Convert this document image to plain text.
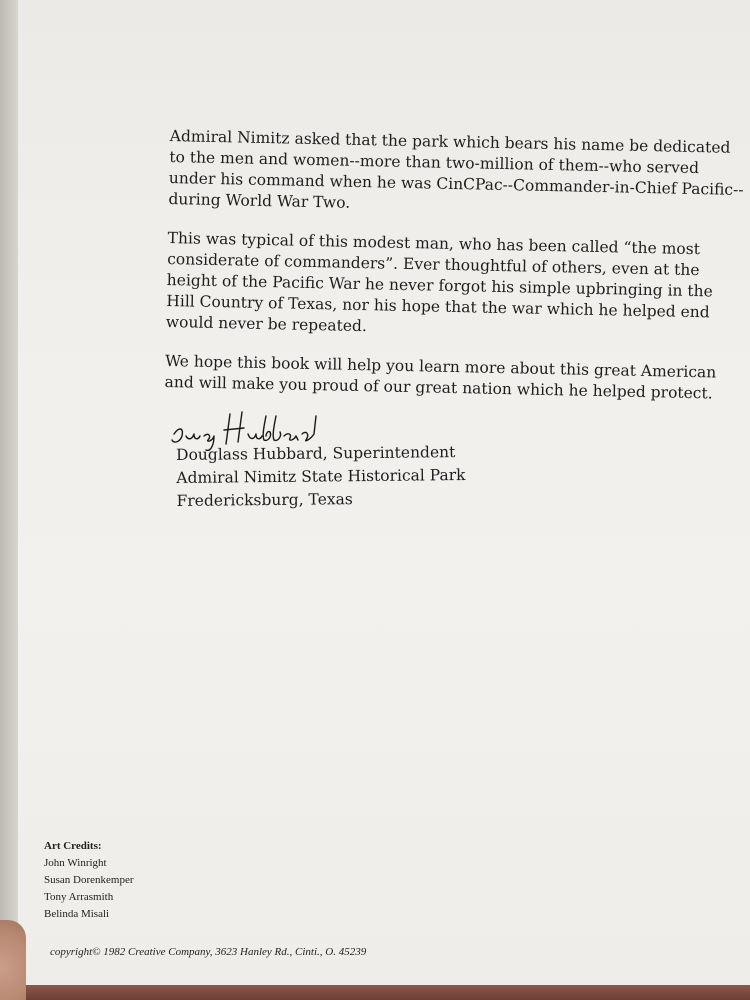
Admiral Nimitz asked that the park which bears his name be dedicated to the men and women--more than two-million of them--who served under his command when he was CinCPac--Commander-in-Chief Pacific--during World War Two.

This was typical of this modest man, who has been called “the most considerate of commanders”. Ever thoughtful of others, even at the height of the Pacific War he never forgot his simple upbringing in the Hill Country of Texas, nor his hope that the war which he helped end would never be repeated.

We hope this book will help you learn more about this great American and will make you proud of our great nation which he helped protect.

Doug Hubbard
Douglass Hubbard, Superintendent
Admiral Nimitz State Historical Park
Fredericksburg, Texas
Art Credits:
John Winright
Susan Dorenkemper
Tony Arrasmith
Belinda Misali
copyright© 1982 Creative Company, 3623 Hanley Rd., Cinti., O. 45239
